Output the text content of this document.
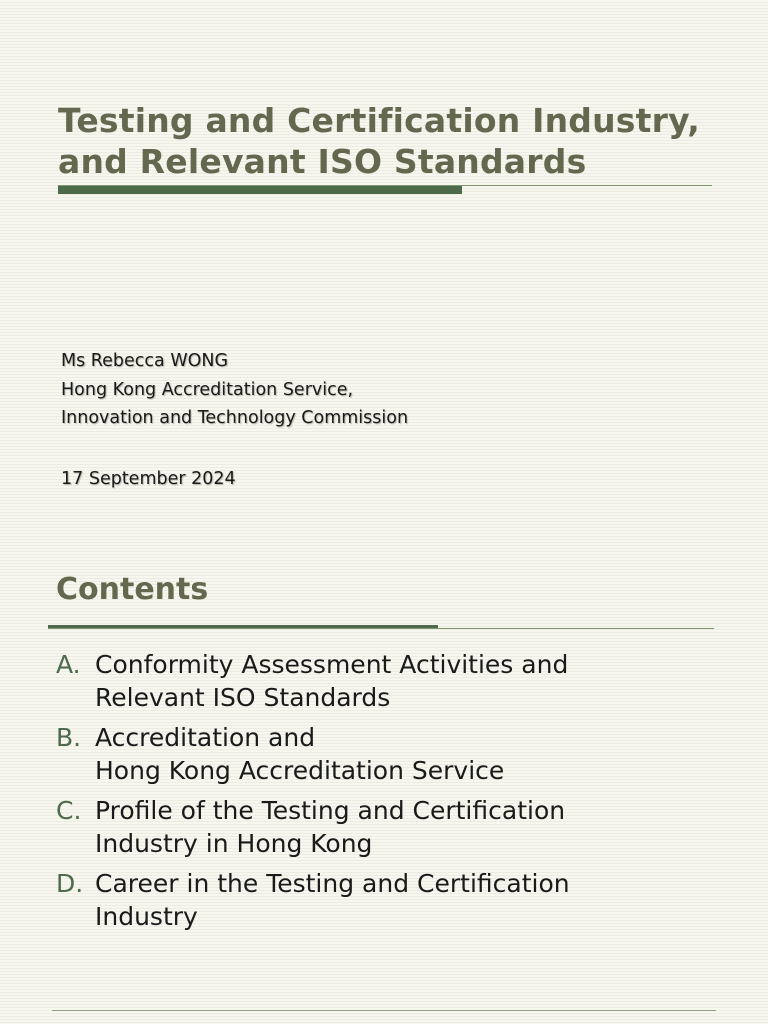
Testing and Certification Industry,
and Relevant ISO Standards
Ms Rebecca WONG
Hong Kong Accreditation Service,
Innovation and Technology Commission
17 September 2024
Contents
A. Conformity Assessment Activities and
Relevant ISO Standards
B. Accreditation and
Hong Kong Accreditation Service
C. Profile of the Testing and Certification
Industry in Hong Kong
D. Career in the Testing and Certification
Industry
